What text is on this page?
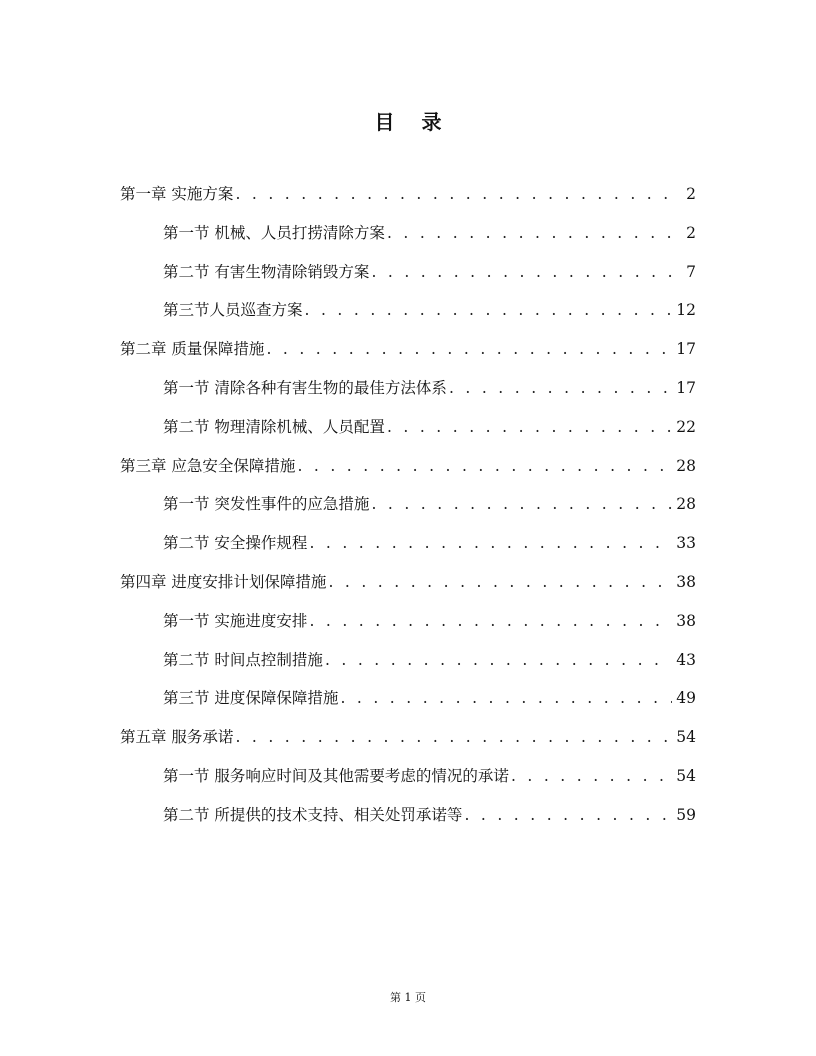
目 录
第一章 实施方案 . . .	2
第一节 机械、人员打捞清除方案 . . .	2
第二节 有害生物清除销毁方案 . . .	7
第三节人员巡查方案 . . .	12
第二章 质量保障措施 . . .	17
第一节 清除各种有害生物的最佳方法体系 . . .	17
第二节 物理清除机械、人员配置 . . .	22
第三章 应急安全保障措施 . . .	28
第一节 突发性事件的应急措施 . . .	28
第二节 安全操作规程 . . .	33
第四章 进度安排计划保障措施 . . .	38
第一节 实施进度安排 . . .	38
第二节 时间点控制措施 . . .	43
第三节 进度保障保障措施 . . .	49
第五章 服务承诺 . . .	54
第一节 服务响应时间及其他需要考虑的情况的承诺 . . .	54
第二节 所提供的技术支持、相关处罚承诺等 . . .	59
第 1 页
